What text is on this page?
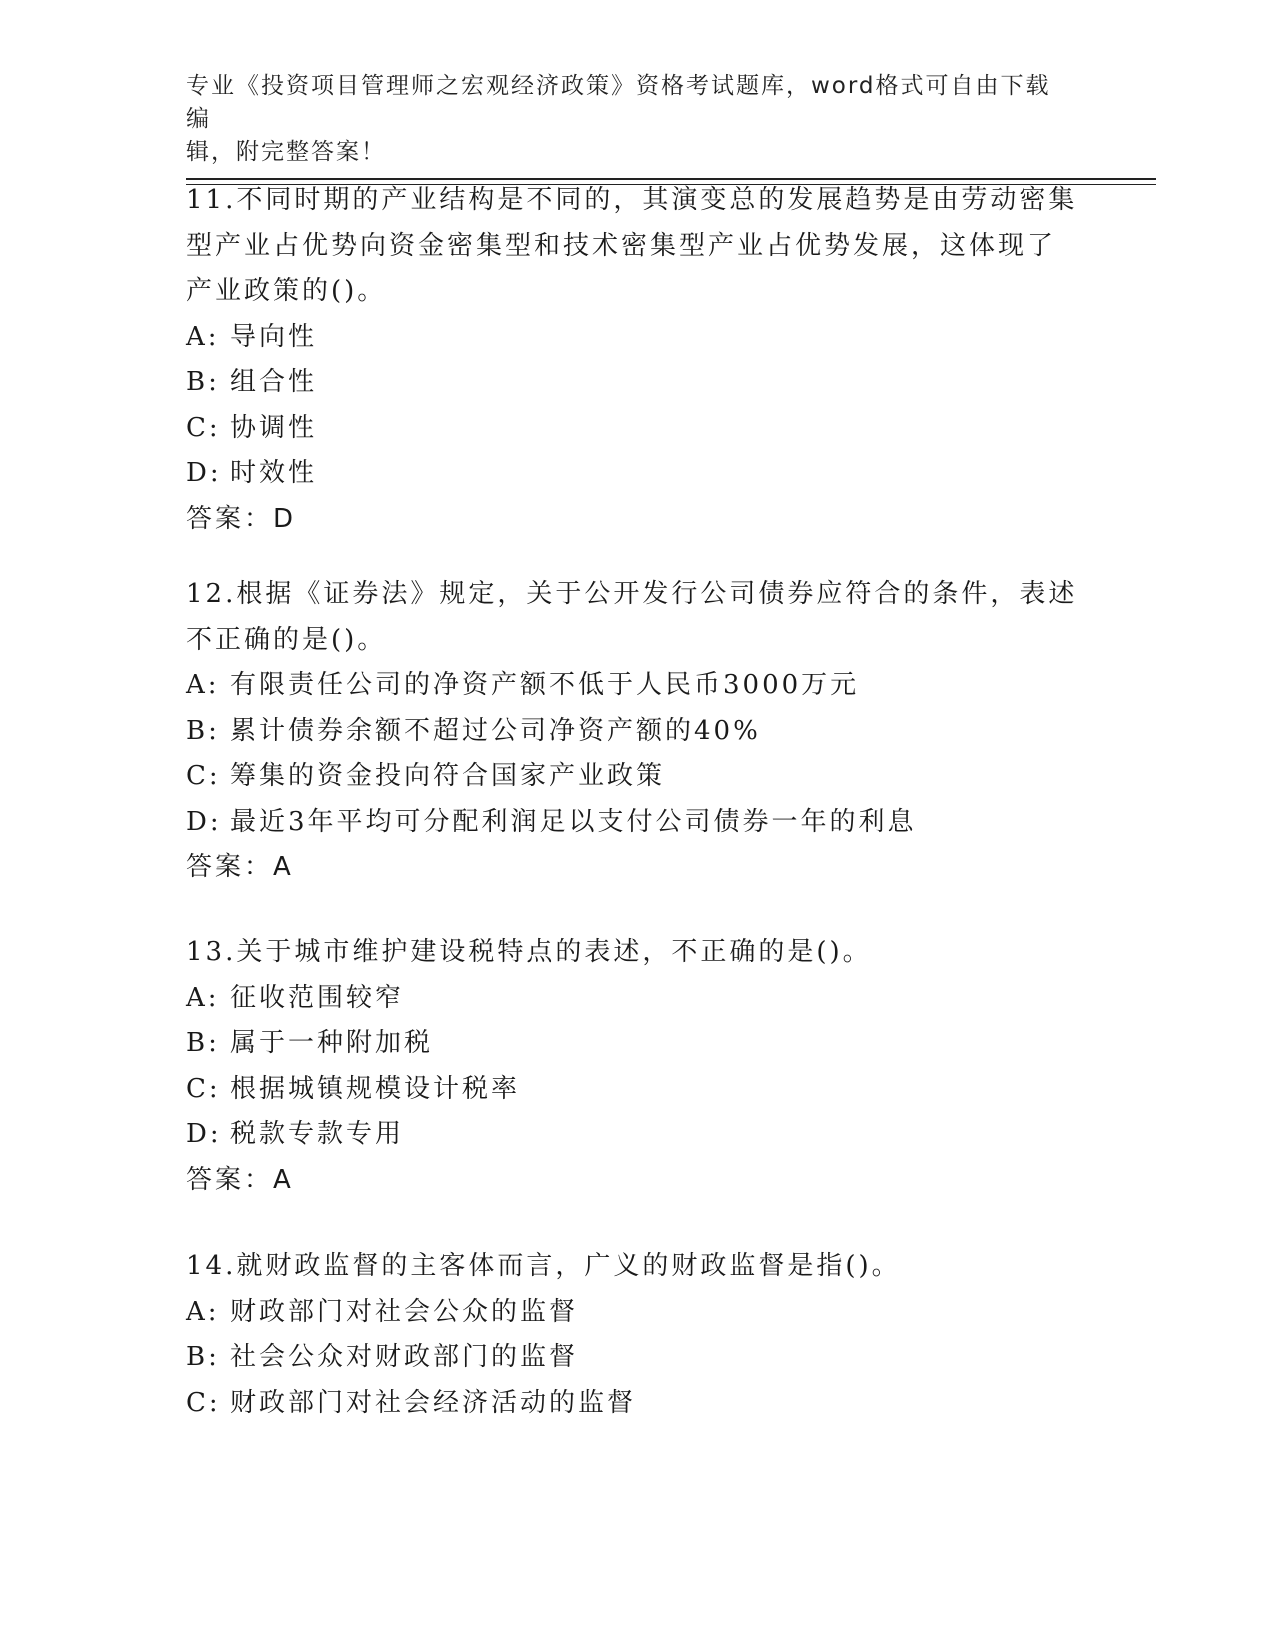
专业《投资项目管理师之宏观经济政策》资格考试题库，word格式可自由下载编
辑，附完整答案！

11.不同时期的产业结构是不同的，其演变总的发展趋势是由劳动密集
型产业占优势向资金密集型和技术密集型产业占优势发展，这体现了
产业政策的()。

A: 导向性

B: 组合性

C: 协调性

D: 时效性

答案：D

12.根据《证券法》规定，关于公开发行公司债券应符合的条件，表述
不正确的是()。

A: 有限责任公司的净资产额不低于人民币3000万元

B: 累计债券余额不超过公司净资产额的40%

C: 筹集的资金投向符合国家产业政策

D: 最近3年平均可分配利润足以支付公司债券一年的利息

答案：A

13.关于城市维护建设税特点的表述，不正确的是()。

A: 征收范围较窄

B: 属于一种附加税

C: 根据城镇规模设计税率

D: 税款专款专用

答案：A

14.就财政监督的主客体而言，广义的财政监督是指()。

A: 财政部门对社会公众的监督

B: 社会公众对财政部门的监督

C: 财政部门对社会经济活动的监督
